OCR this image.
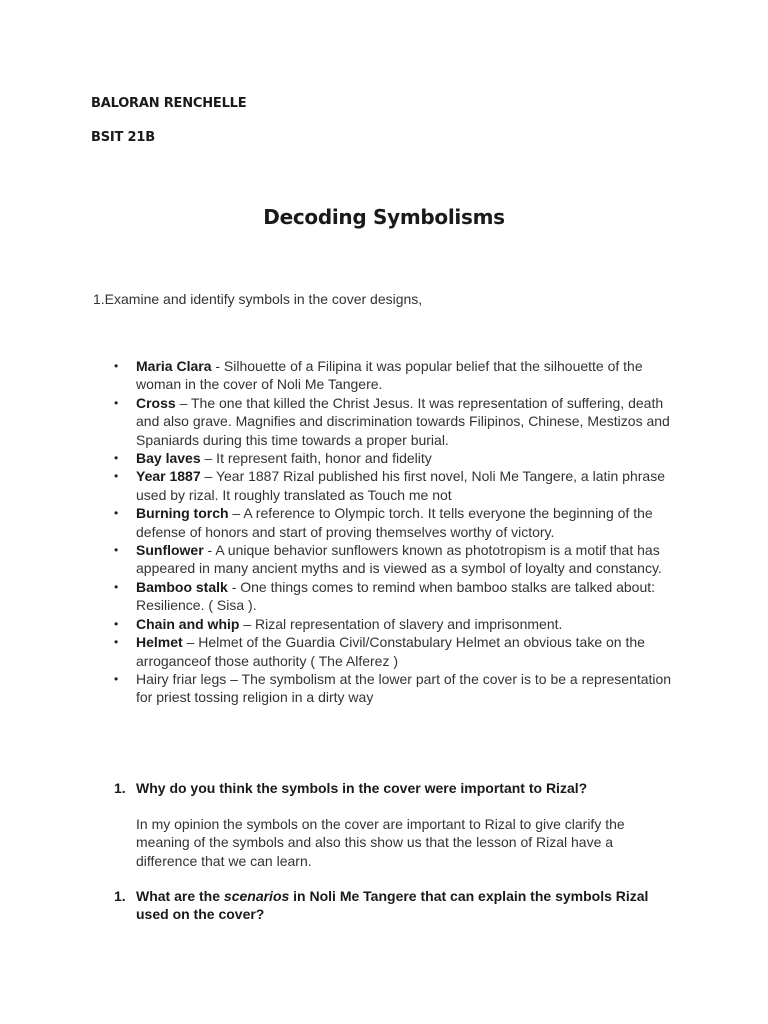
BALORAN RENCHELLE
BSIT 21B
Decoding Symbolisms
1.Examine and identify symbols in the cover designs,
• Maria Clara - Silhouette of a Filipina it was popular belief that the silhouette of the woman in the cover of Noli Me Tangere.
• Cross – The one that killed the Christ Jesus. It was representation of suffering, death and also grave. Magnifies and discrimination towards Filipinos, Chinese, Mestizos and Spaniards during this time towards a proper burial.
• Bay laves – It represent faith, honor and fidelity
• Year 1887 – Year 1887 Rizal published his first novel, Noli Me Tangere, a latin phrase used by rizal. It roughly translated as Touch me not
• Burning torch – A reference to Olympic torch. It tells everyone the beginning of the defense of honors and start of proving themselves worthy of victory.
• Sunflower - A unique behavior sunflowers known as phototropism is a motif that has appeared in many ancient myths and is viewed as a symbol of loyalty and constancy.
• Bamboo stalk - One things comes to remind when bamboo stalks are talked about: Resilience. ( Sisa ).
• Chain and whip – Rizal representation of slavery and imprisonment.
• Helmet – Helmet of the Guardia Civil/Constabulary Helmet an obvious take on the arroganceof those authority ( The Alferez )
• Hairy friar legs – The symbolism at the lower part of the cover is to be a representation for priest tossing religion in a dirty way
1. Why do you think the symbols in the cover were important to Rizal?
In my opinion the symbols on the cover are important to Rizal to give clarify the meaning of the symbols and also this show us that the lesson of Rizal have a difference that we can learn.
1. What are the scenarios in Noli Me Tangere that can explain the symbols Rizal used on the cover?
